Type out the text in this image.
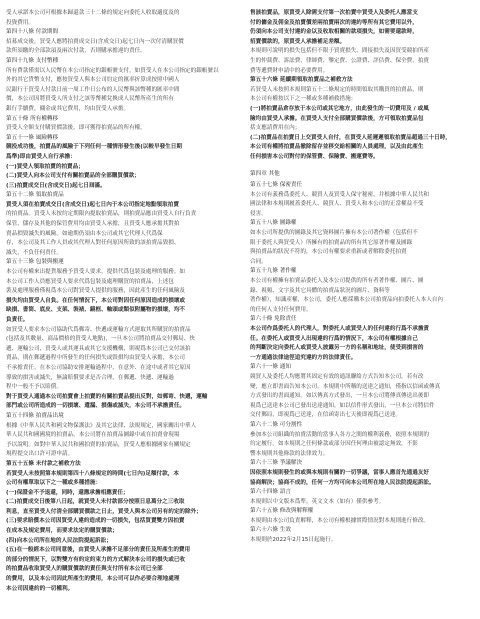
受人承諾本公司可根據本歸還款三十二條的規定向委托人收取適度及的
投資費用。
第四十八條 付款期間
招募成交後，買受人應將拍賣成交日(含成交日)起七日內一次付清購買價
款所須繳的全部款項及兩次付款，否則購承擔違約責任。
第四十九條 支付幣種
所有費款僅需以人民幣在本公司指定的銀帳號支付，如買受人在本公司指定的銀帳號以
外的其它貨幣支付，應按買受人與本公司約定的匯率折算成按照中國人
民銀行于買受人付款日前一周工作日公布的人民幣與該幣種的匯率中間
價，本公司因將買受人所支付之該等幣種兌換成人民幣所產生的所有
銀行手續費，傭金或其它費用，均由買受人承擔。
第五十條 所有權轉移
買受人全額支付購買價款後，即可獲得拍賣品的所有權。
第五十一條 風險轉移
競投成功後，拍賣品的風險于下列任何一種情形發生後(以較早發生日期
爲準)即由買受人自行承擔：
(一)買受人領取拍賣的拍賣品；
(二)買受人向本公司支付有關拍賣品的全部購買價款；
(三)拍賣成交日(含成交日)起七日屆滿。
第五十二條 領取拍賣品
買受人須在拍賣成交日(含成交日)起七日內于本公司指定地點領取拍賣
的拍賣品。買受人未按約定期限內提取拍賣品，則拍賣品應由買受人自行負責
保管，儲存及其他的保管費用均由買受人承擔，且買受人應承擔其對拍
賣品損毀滅失的風險。如逾期仍須由本公司或其它代理人代爲保
存，本公司及其工作人員或其代理人對任何原因所致的該拍賣品毀損、
滅失，不負任何責任。
第五十三條 包裝與搬運
本公司有權來出提貨服務予買受人要求，提供代爲包裝及處理的服務。如
本公司工作人員應買受人要求代爲包裝及處理購買的拍賣品，上述包
裝及處理服務僅視爲本公司對買受人提供的服務，因此產生的任何風險及
損失均由買受人自負。在任何情況下，本公司對因任何原因造成的損壞或
缺損、書筒、底皮、支架、裝裱、鏡框、軸頭或類似附屬物的損壞，均不
負責任。
如買受人要求本公司協助代爲郵寄、快遞或運輸方式運取其所購買的拍賣品
(包括及其數量、商品價格的買受人地點)，一旦本公司將拍賣品交付郵局、快
遞、運輸公司，買受人或其運具或其它支援機構，則視爲本公司已交付該拍
賣品，則在郵遞過程中所發生的任何損失或毀損均由買受人承擔，本公司
不承擔責任。在本公司協助安排運輸過程中，在意外、在途中或者其它原因
導致的損害或滅失，無論賠償要求是否合理，在郵遞、快遞、運輸過
程中一般不予以賠償。
對于買受人通過本公司拍賣會上拍賣的有關拍賣品提出反對，如郵寄、快遞，運輸
部門或公司所造成的一切損壞、遺漏、損傷或滅失，本公司不承擔責任。
第五十四條 拍賣品出境
根據《中華人民共和國文物保護法》及其它法律、法規規定，國家關出中華人
華人民共和國國境的拍賣品，本公司將在拍賣品圖錄中或在拍賣會現場
予以說明。如對中華人民共和國拍賣的拍賣品，買受人應根據國家有關規定
規程提交出口許可證申請。
第五十五條 未付款之補救方法
若買受人未按照第本規則第四十八條規定的時間(七日內)足額付款，本
公司有權單取以下之一種或多種措施：
(一)保證金不予退還，同時，還應承擔相應責任；
(二)拍賣成交日後第八日起，就買受人未付款部分按照日息萬分之三收取
利息，直至買受人付清全部購買價款之日止，買受人與本公司另有約定的除外；
(三)要求賠償本公司因買受人違約造成的一切損失，包括買賣雙方因拍賣
在成本及規定費用，而要求法定的購買價款；
(四)向本公司所在地的人民法院提起訴訟；
(五)在一般經本公司同意後，由買受人承擔不足部分的責任及所產生的費用
的部分的情況下，以對雙方有約定約束力的方式解決本公司的損失或已收
的拍賣品收取買受人的購買價款的責任與支付所有本公司已全部
的費用，以及本公司因此所產生的費用，本公司可以作必要合理地處理
本公司因違約的一切權利。
售該拍賣品，原買受人除需支付第一次拍賣中買受人及委托人應當支
付的傭金及佣金及拍賣價差兩拍賣兩次的違約等所有其它費用以外，
仍須向本公司支付違約金以及收取相關的款項損失，如需要還款時，
招賣價款的，原買受人承擔補足差額。
本規則可說明的損失包括但不限于買賣損失、間接損失及因買受競拍所產
生的仲裁費、訴訟費、律師費、鑒定費、公證費、評估費、保全費、拍賣
費等遞費財申請中的必要費用。
第五十六條 延續期領取拍賣品之補救方法
若買受人未按照本規則第五十二條規定的時間領取其購買的拍賣品，則
本公司有權按以下之一種或多種補救措施：
(一)將拍賣品倉存放于本公司或其它地方，由此發生的一切費用及 / 或風
險均由買受人承擔。在買受人支付全部購買價款後，方可領取拍賣品包
括支應請費用在內；
(二)拍賣品在拍賣日上交買受人自付，在買受人延遲遲領取拍賣品超過三十日時，
本公司有權將拍賣品撤除留存並移交給相關的人員處理，以及由此產生
任何損害本公司對付的保管費、保險費、搬運費等。
第四章 其他
第五十七條 保密責任
本公司有義務爲委托人、競買人及買受人保守秘密，并根據中華人民共和
國法律和本規則履蓋委托人、競買人、買受人和本公司的正當權益不受
侵害。
第五十八條 圖錄權
如本公司所提供的圖錄及其它資料圖片擁有本公司著作權（包括但不
限于委托人與買受人）所擁有的拍賣品的所有其它原著作權及圖錄
與拍賣品的狀況不符的，本公司有權要求重新或者解除委托拍賣
合同。
第五十九條 著作權
本公司有權擁有拍賣品委托人及本公司提供的所有者著作權、圖片、圖
錄、視頻、文字及其它具體的拍賣品狀況的圖片、資料等
著作權），知識產權，本公司，委托人應採購本公司拍賣品向拍委托人本人自內
的任何人支付任何費用。
第六十條 免除責任
本公司作爲委托人的代理人，對委托人或買受人的任何違約行爲不承擔責
任。在委托人或買受人出現違約行爲的情況下，本公司有權根據自己
的判斷決定向委托人或買受人披露另一方的名稱和地址，使受到損害的
一方通過法律途徑追究違約方的法律責任。
第六十一條 通知
競買人及委托人均應將其固定有效的通訊聯絡方式告知本公司，若有改
變，應立即書面告知本公司。本規則中所稱的送達之通知，僅指以信函或傳真
方式發出的書面通知。如以傳真方式發出，一旦本公司將傳真傳送出後即
視爲已送達本公司已發出送達通知。如以信件形式發出，一旦本公司將信件
交付郵局，即視爲已送達，在信函寄出七天後即視爲已送達。
第六十二條 可分割性
參加本公司組織的拍賣活動的當事人各方之間的權利義務，依照本規則的
約定履行。如本規則之任何條款或部分因任何理由被認定無效，不影
響本規則其他條款的法律效力。
第六十三條 爭議解決
因依照本規則發生的或與本規則有關的一切爭議，當事人應首先通過友好
協商解決；協商不成的，任何一方均可向本公司所在地人民法院提起訴訟。
第六十四條 語言
本規則以中文版本爲準。英文文本（如有）僅供參考。
第六十五條 修改與解釋權
本規則由本公司負責解釋，本公司有權根據實際情況對本規則進行修改。
第六十六條 生效
本規則於2022年2月15日起施行。
